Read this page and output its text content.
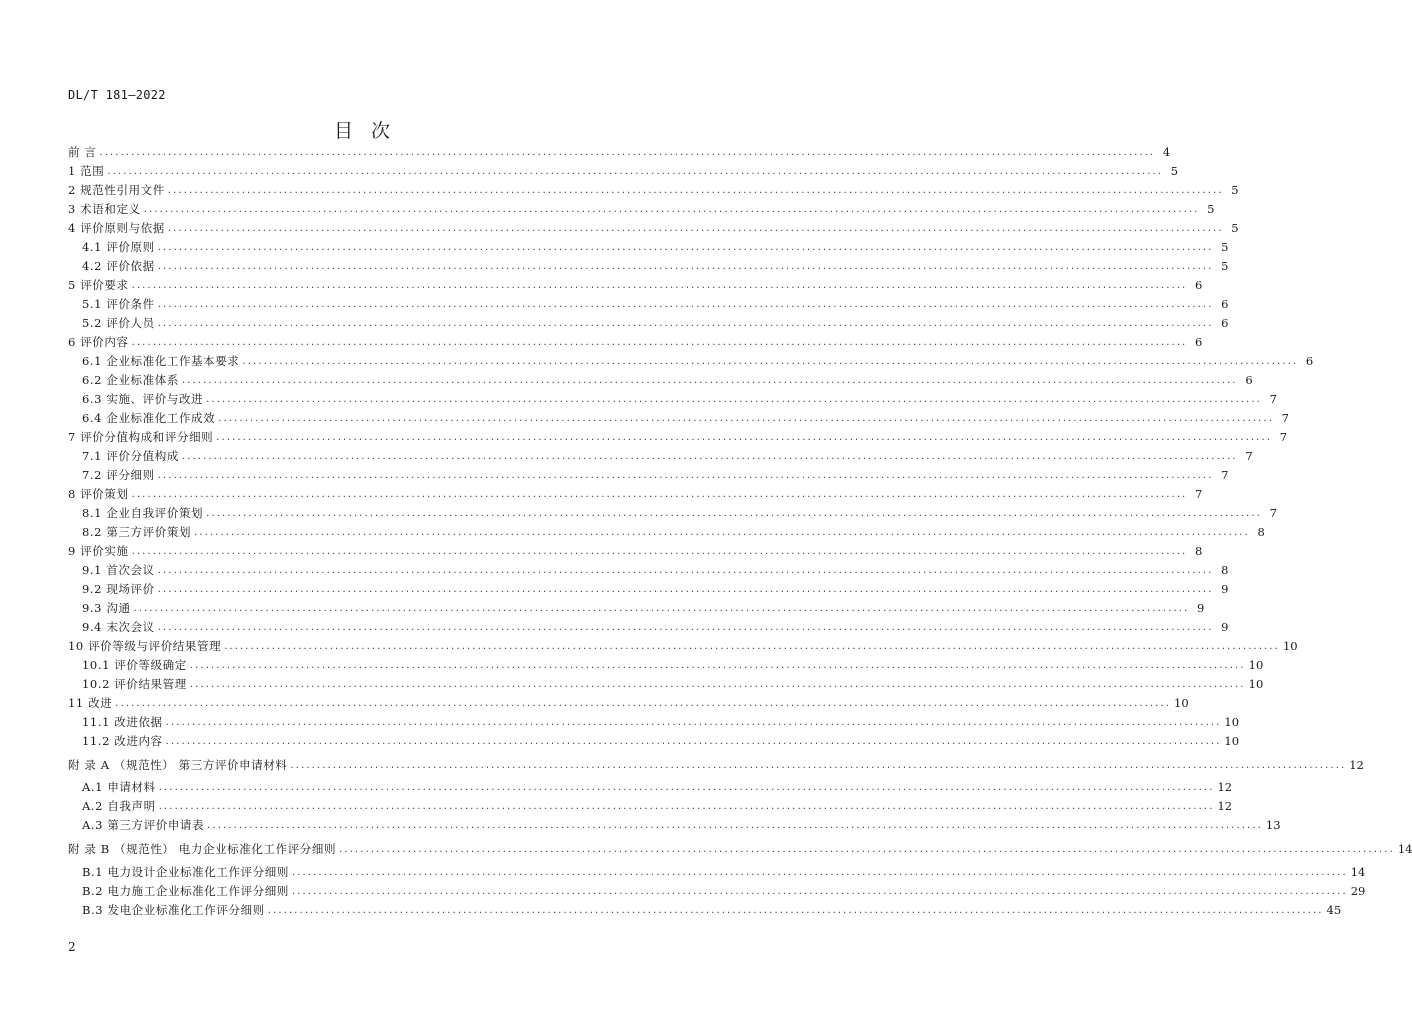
DL/T 181—2022
目次
前 言 ........................................................................................................................................................................................................ 4
1 范围 ........................................................................................................................................................................................................ 5
2 规范性引用文件 ........................................................................................................................................................................................................ 5
3 术语和定义 ........................................................................................................................................................................................................ 5
4 评价原则与依据 ........................................................................................................................................................................................................ 5
4.1 评价原则 ........................................................................................................................................................................................................ 5
4.2 评价依据 ........................................................................................................................................................................................................ 5
5 评价要求 ........................................................................................................................................................................................................ 6
5.1 评价条件 ........................................................................................................................................................................................................ 6
5.2 评价人员 ........................................................................................................................................................................................................ 6
6 评价内容 ........................................................................................................................................................................................................ 6
6.1 企业标准化工作基本要求 ........................................................................................................................................................................................................ 6
6.2 企业标准体系 ........................................................................................................................................................................................................ 6
6.3 实施、评价与改进 ........................................................................................................................................................................................................ 7
6.4 企业标准化工作成效 ........................................................................................................................................................................................................ 7
7 评价分值构成和评分细则 ........................................................................................................................................................................................................ 7
7.1 评价分值构成 ........................................................................................................................................................................................................ 7
7.2 评分细则 ........................................................................................................................................................................................................ 7
8 评价策划 ........................................................................................................................................................................................................ 7
8.1 企业自我评价策划 ........................................................................................................................................................................................................ 7
8.2 第三方评价策划 ........................................................................................................................................................................................................ 8
9 评价实施 ........................................................................................................................................................................................................ 8
9.1 首次会议 ........................................................................................................................................................................................................ 8
9.2 现场评价 ........................................................................................................................................................................................................ 9
9.3 沟通 ........................................................................................................................................................................................................ 9
9.4 末次会议 ........................................................................................................................................................................................................ 9
10 评价等级与评价结果管理 ........................................................................................................................................................................................................ 10
10.1 评价等级确定 ........................................................................................................................................................................................................ 10
10.2 评价结果管理 ........................................................................................................................................................................................................ 10
11 改进 ........................................................................................................................................................................................................ 10
11.1 改进依据 ........................................................................................................................................................................................................ 10
11.2 改进内容 ........................................................................................................................................................................................................ 10
附 录 A （规范性） 第三方评价申请材料 ........................................................................................................................................................................................................ 12
A.1 申请材料 ........................................................................................................................................................................................................ 12
A.2 自我声明 ........................................................................................................................................................................................................ 12
A.3 第三方评价申请表 ........................................................................................................................................................................................................ 13
附 录 B （规范性） 电力企业标准化工作评分细则 ........................................................................................................................................................................................................ 14
B.1 电力设计企业标准化工作评分细则 ........................................................................................................................................................................................................ 14
B.2 电力施工企业标准化工作评分细则 ........................................................................................................................................................................................................ 29
B.3 发电企业标准化工作评分细则 ........................................................................................................................................................................................................ 45
2
